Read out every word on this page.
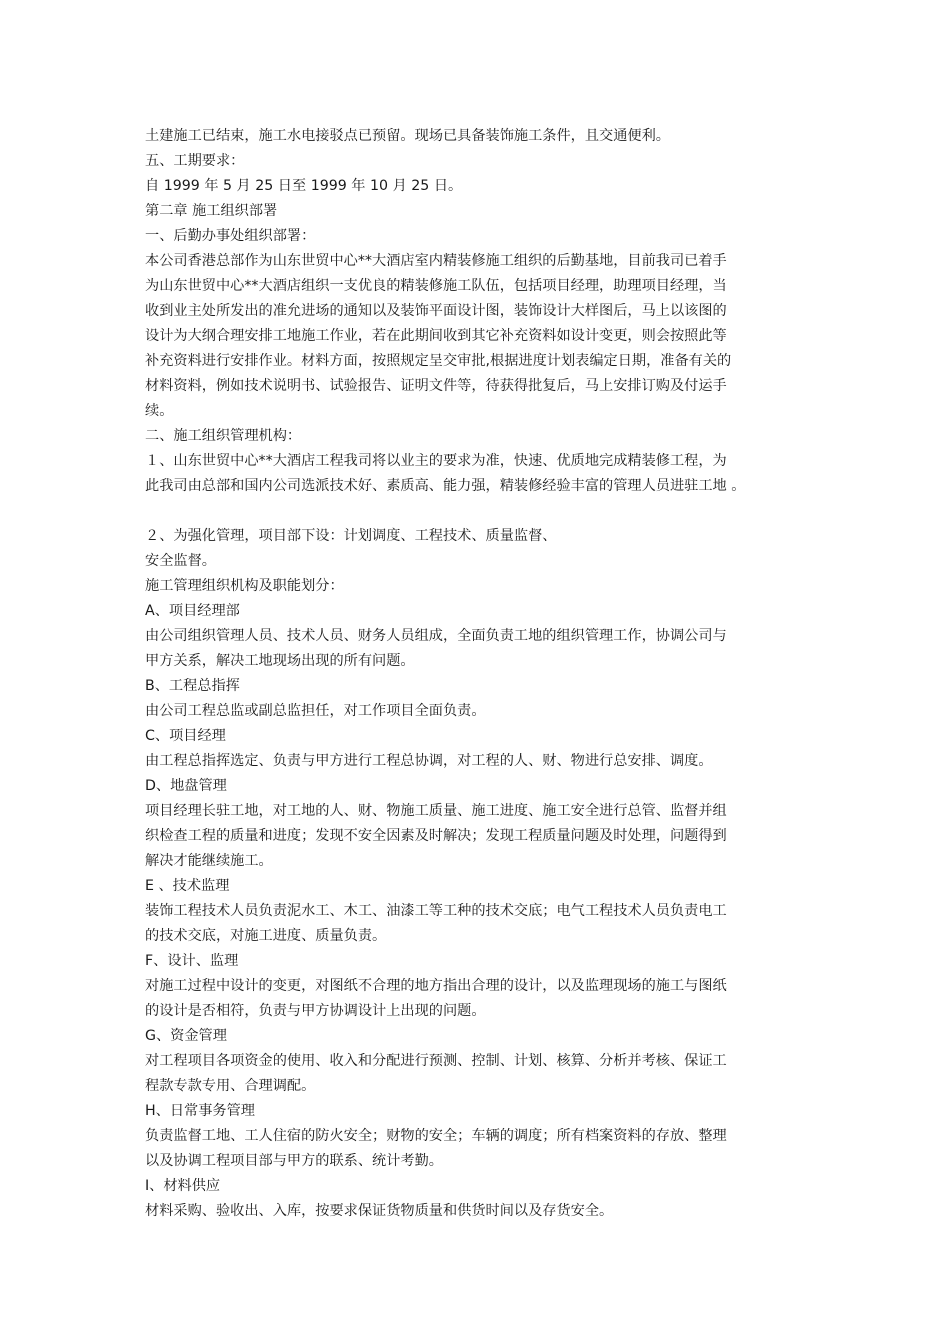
土建施工已结束，施工水电接驳点已预留。现场已具备装饰施工条件，且交通便利。
五、工期要求：
自 1999 年 5 月 25 日至 1999 年 10 月 25 日。
第二章 施工组织部署
一、后勤办事处组织部署：
本公司香港总部作为山东世贸中心**大酒店室内精装修施工组织的后勤基地，目前我司已着手
为山东世贸中心**大酒店组织一支优良的精装修施工队伍，包括项目经理，助理项目经理，当
收到业主处所发出的准允进场的通知以及装饰平面设计图，装饰设计大样图后，马上以该图的
设计为大纲合理安排工地施工作业，若在此期间收到其它补充资料如设计变更，则会按照此等
补充资料进行安排作业。材料方面，按照规定呈交审批,根据进度计划表编定日期，准备有关的
材料资料，例如技术说明书、试验报告、证明文件等，待获得批复后，马上安排订购及付运手
续。
二、施工组织管理机构：
１、山东世贸中心**大酒店工程我司将以业主的要求为准，快速、优质地完成精装修工程，为
此我司由总部和国内公司选派技术好、素质高、能力强，精装修经验丰富的管理人员进驻工地 。
２、为强化管理，项目部下设：计划调度、工程技术、质量监督、
安全监督。
施工管理组织机构及职能划分：
A、项目经理部
由公司组织管理人员、技术人员、财务人员组成，全面负责工地的组织管理工作，协调公司与
甲方关系，解决工地现场出现的所有问题。
B、工程总指挥
由公司工程总监或副总监担任，对工作项目全面负责。
C、项目经理
由工程总指挥选定、负责与甲方进行工程总协调，对工程的人、财、物进行总安排、调度。
D、地盘管理
项目经理长驻工地，对工地的人、财、物施工质量、施工进度、施工安全进行总管、监督并组
织检查工程的质量和进度；发现不安全因素及时解决；发现工程质量问题及时处理，问题得到
解决才能继续施工。
E 、技术监理
装饰工程技术人员负责泥水工、木工、油漆工等工种的技术交底；电气工程技术人员负责电工
的技术交底，对施工进度、质量负责。
F、设计、监理
对施工过程中设计的变更，对图纸不合理的地方指出合理的设计，以及监理现场的施工与图纸
的设计是否相符，负责与甲方协调设计上出现的问题。
G、资金管理
对工程项目各项资金的使用、收入和分配进行预测、控制、计划、核算、分析并考核、保证工
程款专款专用、合理调配。
H、日常事务管理
负责监督工地、工人住宿的防火安全；财物的安全；车辆的调度；所有档案资料的存放、整理
以及协调工程项目部与甲方的联系、统计考勤。
I、材料供应
材料采购、验收出、入库，按要求保证货物质量和供货时间以及存货安全。
